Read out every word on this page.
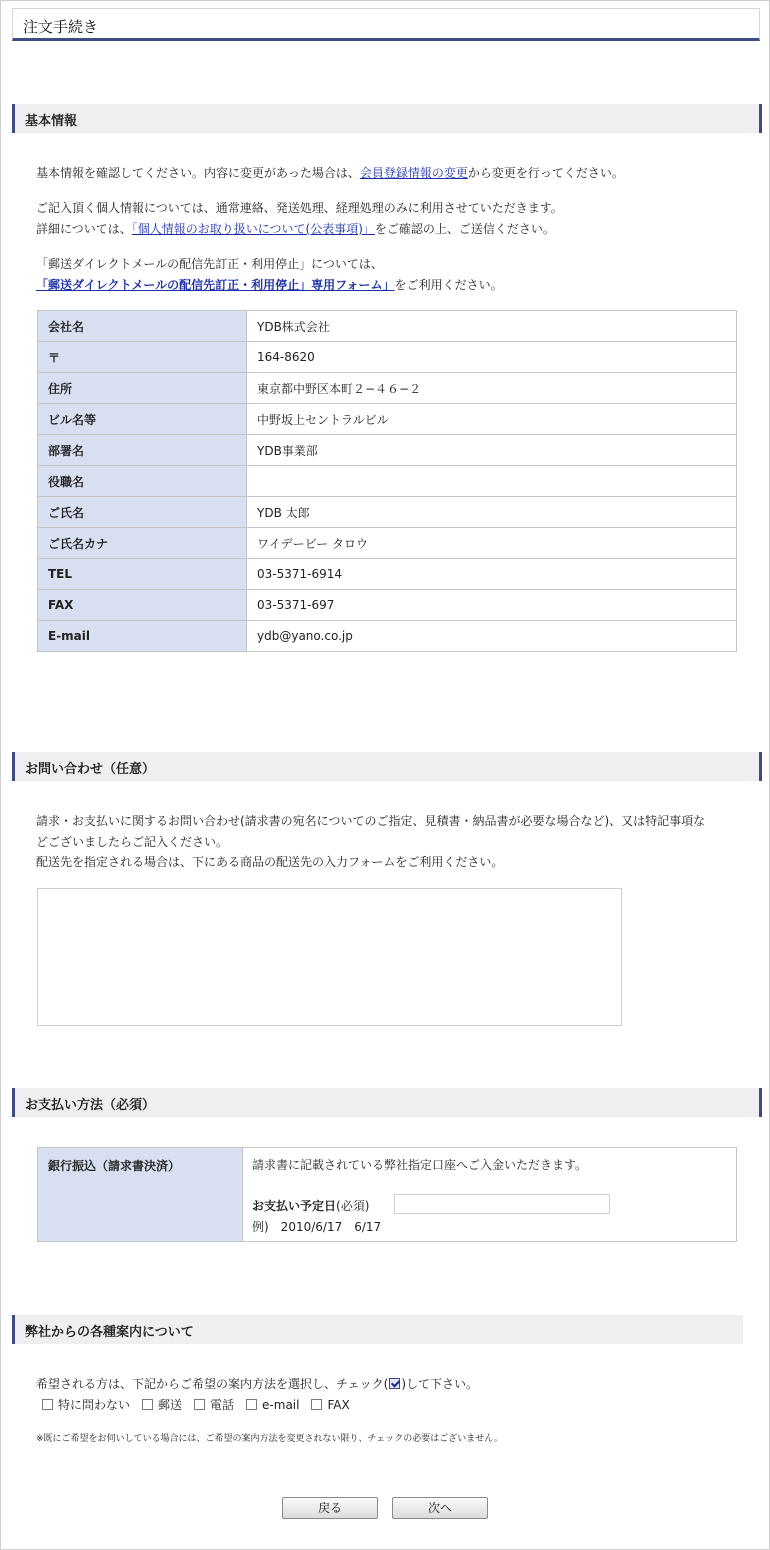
注文手続き
基本情報
基本情報を確認してください。内容に変更があった場合は、会員登録情報の変更から変更を行ってください。
ご記入頂く個人情報については、通常連絡、発送処理、経理処理のみに利用させていただきます。
詳細については、「個人情報のお取り扱いについて(公表事項)」をご確認の上、ご送信ください。
「郵送ダイレクトメールの配信先訂正・利用停止」については、
「郵送ダイレクトメールの配信先訂正・利用停止」専用フォーム」をご利用ください。
会社名	YDB株式会社
〒	164-8620
住所	東京都中野区本町２−４６−２
ビル名等	中野坂上セントラルビル
部署名	YDB事業部
役職名	
ご氏名	YDB 太郎
ご氏名カナ	ワイデービー タロウ
TEL	03-5371-6914
FAX	03-5371-697
E-mail	ydb@yano.co.jp
お問い合わせ（任意）
請求・お支払いに関するお問い合わせ(請求書の宛名についてのご指定、見積書・納品書が必要な場合など)、又は特記事項な
どございましたらご記入ください。
配送先を指定される場合は、下にある商品の配送先の入力フォームをご利用ください。
お支払い方法（必須）
銀行振込（請求書決済）	請求書に記載されている弊社指定口座へご入金いただきます。
お支払い予定日(必須)
例)　2010/6/17　6/17
弊社からの各種案内について
希望される方は、下記からご希望の案内方法を選択し、チェック( )して下さい。
特に問わない 郵送 電話 e-mail FAX
※既にご希望をお伺いしている場合には、ご希望の案内方法を変更されない限り、チェックの必要はございません。
戻る	次へ
